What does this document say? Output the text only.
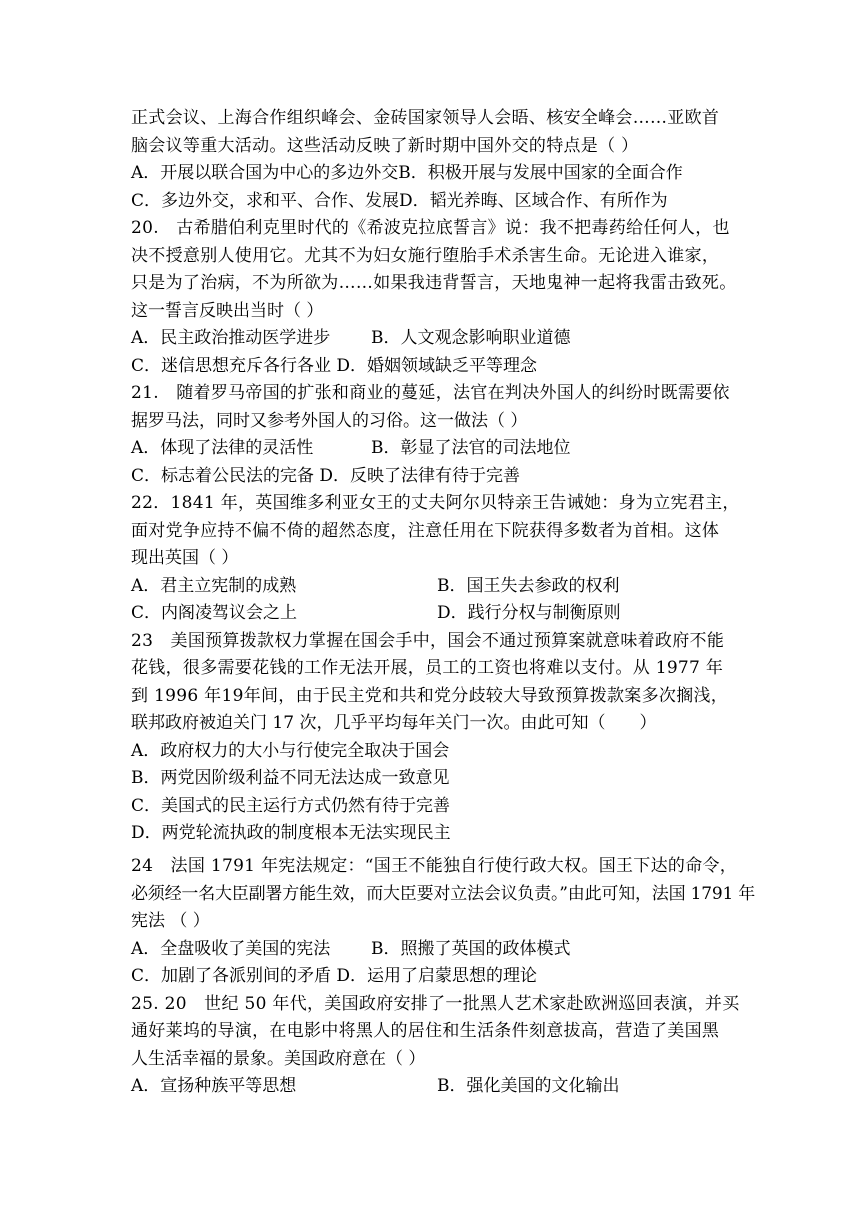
正式会议、上海合作组织峰会、金砖国家领导人会晤、核安全峰会……亚欧首
脑会议等重大活动。这些活动反映了新时期中国外交的特点是（ ）
A．开展以联合国为中心的多边外交B．积极开展与发展中国家的全面合作
C．多边外交，求和平、合作、发展D．韬光养晦、区域合作、有所作为
20.　古希腊伯利克里时代的《希波克拉底誓言》说：我不把毒药给任何人，也
决不授意别人使用它。尤其不为妇女施行堕胎手术杀害生命。无论进入谁家，
只是为了治病，不为所欲为……如果我违背誓言，天地鬼神一起将我雷击致死。
这一誓言反映出当时（ ）
A．民主政治推动医学进步 B．人文观念影响职业道德
C．迷信思想充斥各行各业 D．婚姻领域缺乏平等理念
21.　随着罗马帝国的扩张和商业的蔓延，法官在判决外国人的纠纷时既需要依
据罗马法，同时又参考外国人的习俗。这一做法（ ）
A．体现了法律的灵活性	B．彰显了法官的司法地位
C．标志着公民法的完备 D．反映了法律有待于完善
22．1841 年，英国维多利亚女王的丈夫阿尔贝特亲王告诫她：身为立宪君主，
面对党争应持不偏不倚的超然态度，注意任用在下院获得多数者为首相。这体
现出英国（ ）
A．君主立宪制的成熟	B．国王失去参政的权利
C．内阁凌驾议会之上	D．践行分权与制衡原则
23　美国预算拨款权力掌握在国会手中，国会不通过预算案就意味着政府不能
花钱，很多需要花钱的工作无法开展，员工的工资也将难以支付。从 1977 年
到 1996 年19年间，由于民主党和共和党分歧较大导致预算拨款案多次搁浅，
联邦政府被迫关门 17 次，几乎平均每年关门一次。由此可知（　　）
A．政府权力的大小与行使完全取决于国会
B．两党因阶级利益不同无法达成一致意见
C．美国式的民主运行方式仍然有待于完善
D．两党轮流执政的制度根本无法实现民主
24　法国 1791 年宪法规定：“国王不能独自行使行政大权。国王下达的命令，
必须经一名大臣副署方能生效，而大臣要对立法会议负责。”由此可知，法国 1791 年
宪法 （ ）
A．全盘吸收了美国的宪法 B．照搬了英国的政体模式
C．加剧了各派别间的矛盾 D．运用了启蒙思想的理论
25. 20　世纪 50 年代，美国政府安排了一批黑人艺术家赴欧洲巡回表演，并买
通好莱坞的导演，在电影中将黑人的居住和生活条件刻意拔高，营造了美国黑
人生活幸福的景象。美国政府意在（ ）
A．宣扬种族平等思想	B．强化美国的文化输出
